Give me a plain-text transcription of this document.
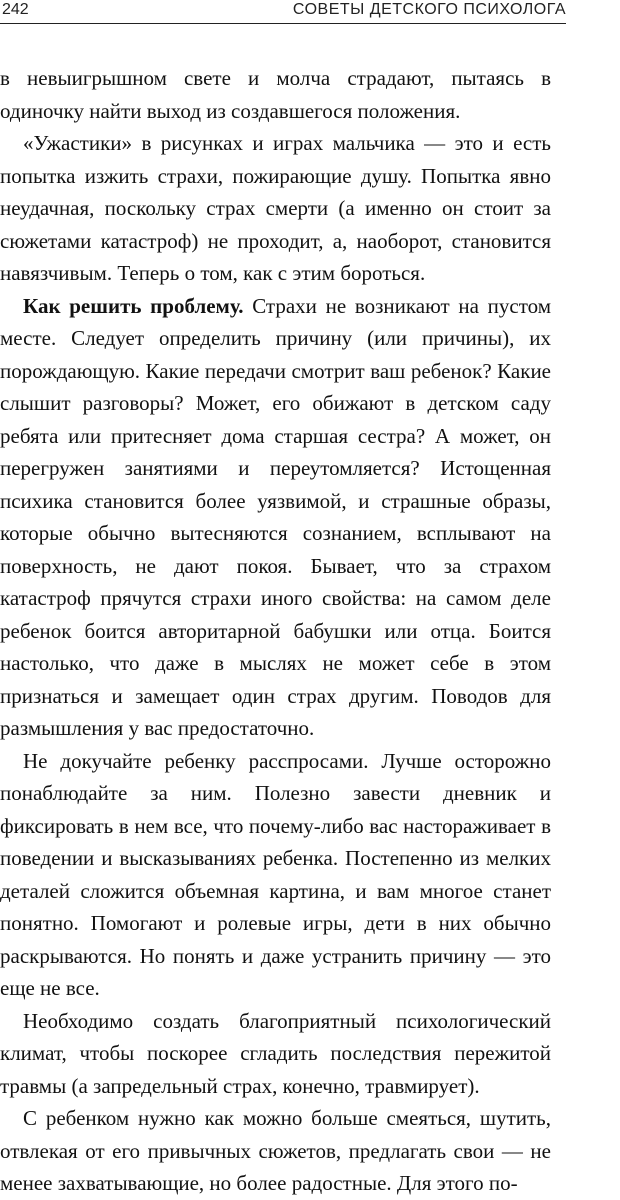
242	СОВЕТЫ ДЕТСКОГО ПСИХОЛОГА

в невыигрышном свете и молча страдают, пытаясь в одиночку найти выход из создавшегося положения.

«Ужастики» в рисунках и играх мальчика — это и есть попытка изжить страхи, пожирающие душу. Попытка явно неудачная, поскольку страх смерти (а именно он стоит за сюжетами катастроф) не проходит, а, наоборот, становится навязчивым. Теперь о том, как с этим бороться.

Как решить проблему. Страхи не возникают на пустом месте. Следует определить причину (или причины), их порождающую. Какие передачи смотрит ваш ребенок? Какие слышит разговоры? Может, его обижают в детском саду ребята или притесняет дома старшая сестра? А может, он перегружен занятиями и переутомляется? Истощенная психика становится более уязвимой, и страшные образы, которые обычно вытесняются сознанием, всплывают на поверхность, не дают покоя. Бывает, что за страхом катастроф прячутся страхи иного свойства: на самом деле ребенок боится авторитарной бабушки или отца. Боится настолько, что даже в мыслях не может себе в этом признаться и замещает один страх другим. Поводов для размышления у вас предостаточно.

Не докучайте ребенку расспросами. Лучше осторожно понаблюдайте за ним. Полезно завести дневник и фиксировать в нем все, что почему-либо вас настораживает в поведении и высказываниях ребенка. Постепенно из мелких деталей сложится объемная картина, и вам многое станет понятно. Помогают и ролевые игры, дети в них обычно раскрываются. Но понять и даже устранить причину — это еще не все.

Необходимо создать благоприятный психологический климат, чтобы поскорее сгладить последствия пережитой травмы (а запредельный страх, конечно, травмирует).

С ребенком нужно как можно больше смеяться, шутить, отвлекая от его привычных сюжетов, предлагать свои — не менее захватывающие, но более радостные. Для этого по-
